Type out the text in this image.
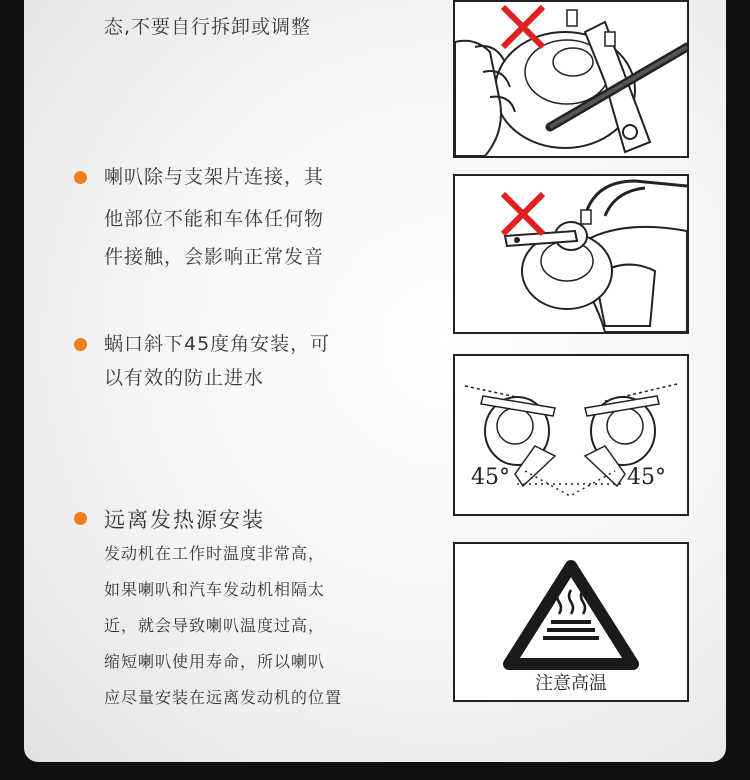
态,不要自行拆卸或调整
喇叭除与支架片连接，其
他部位不能和车体任何物
件接触，会影响正常发音
蜗口斜下45度角安装，可
以有效的防止进水
远离发热源安装
发动机在工作时温度非常高，
如果喇叭和汽车发动机相隔太
近，就会导致喇叭温度过高，
缩短喇叭使用寿命，所以喇叭
应尽量安装在远离发动机的位置
45°	45°
注意高温
